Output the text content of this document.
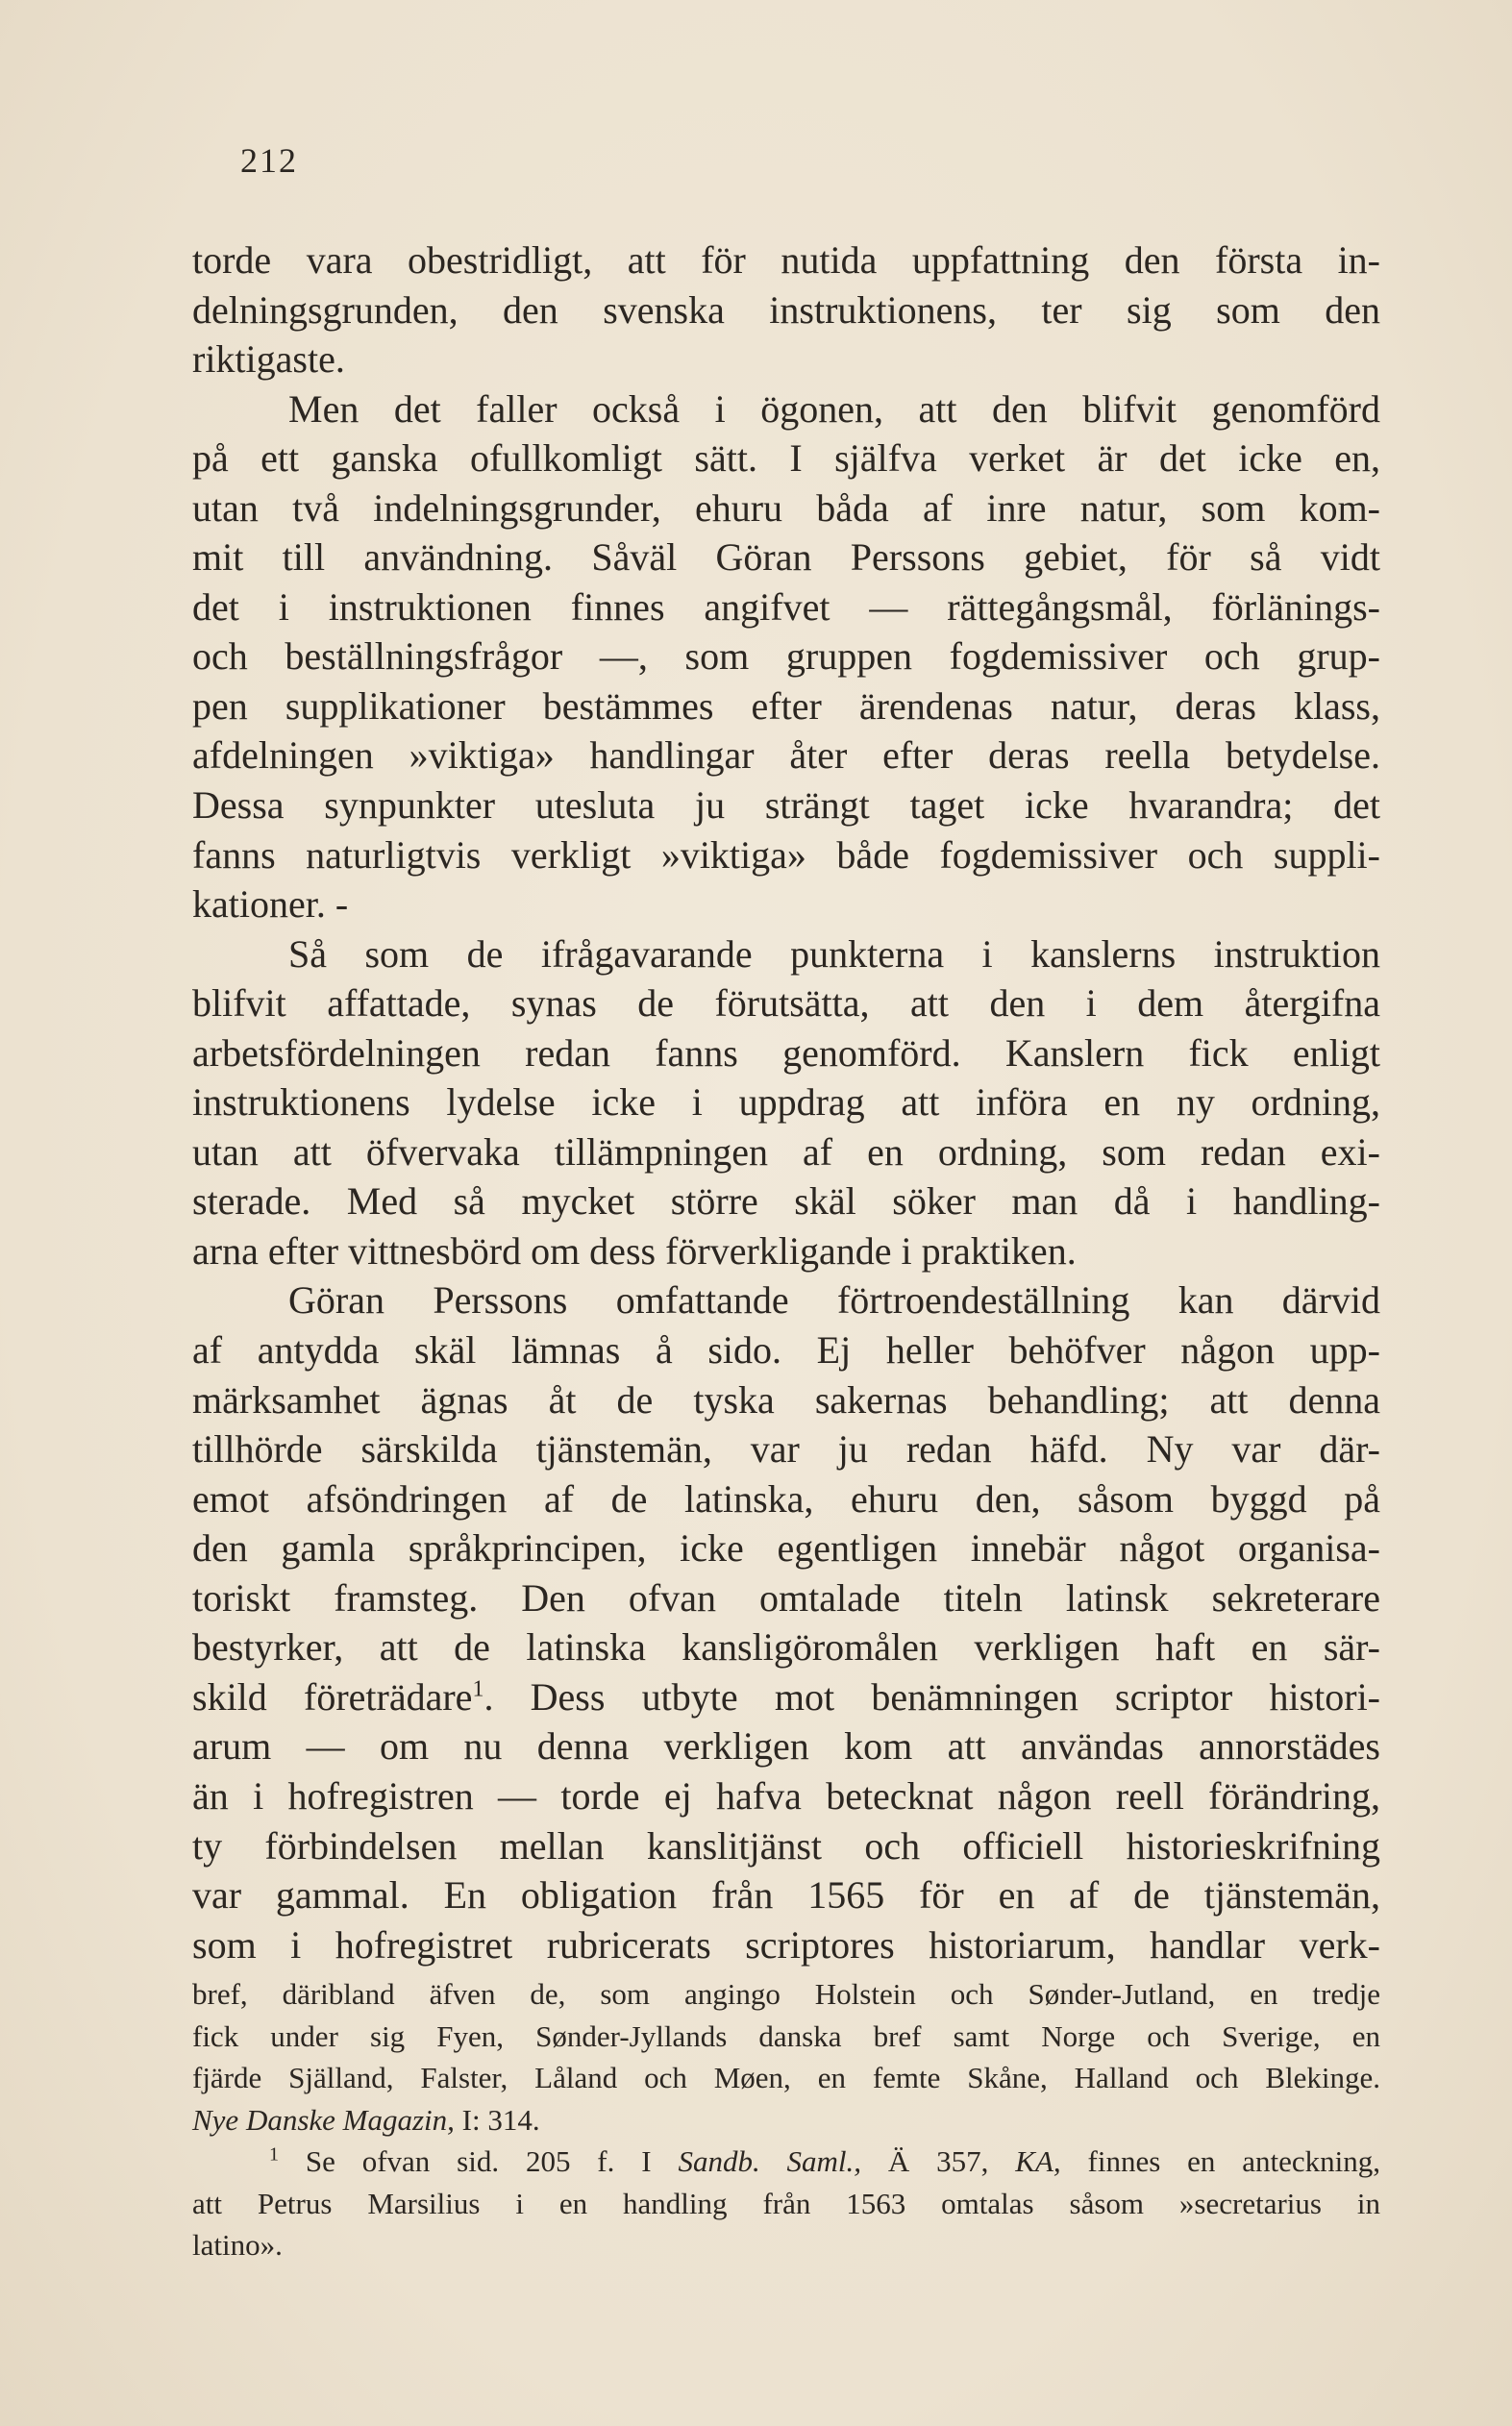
212
torde vara obestridligt, att för nutida uppfattning den första in-
delningsgrunden, den svenska instruktionens, ter sig som den
riktigaste.
Men det faller också i ögonen, att den blifvit genomförd
på ett ganska ofullkomligt sätt. I själfva verket är det icke en,
utan två indelningsgrunder, ehuru båda af inre natur, som kom-
mit till användning. Såväl Göran Perssons gebiet, för så vidt
det i instruktionen finnes angifvet — rättegångsmål, förlänings-
och beställningsfrågor —, som gruppen fogdemissiver och grup-
pen supplikationer bestämmes efter ärendenas natur, deras klass,
afdelningen »viktiga» handlingar åter efter deras reella betydelse.
Dessa synpunkter utesluta ju strängt taget icke hvarandra; det
fanns naturligtvis verkligt »viktiga» både fogdemissiver och suppli-
kationer. -
Så som de ifrågavarande punkterna i kanslerns instruktion
blifvit affattade, synas de förutsätta, att den i dem återgifna
arbetsfördelningen redan fanns genomförd. Kanslern fick enligt
instruktionens lydelse icke i uppdrag att införa en ny ordning,
utan att öfvervaka tillämpningen af en ordning, som redan exi-
sterade. Med så mycket större skäl söker man då i handling-
arna efter vittnesbörd om dess förverkligande i praktiken.
Göran Perssons omfattande förtroendeställning kan därvid
af antydda skäl lämnas å sido. Ej heller behöfver någon upp-
märksamhet ägnas åt de tyska sakernas behandling; att denna
tillhörde särskilda tjänstemän, var ju redan häfd. Ny var där-
emot afsöndringen af de latinska, ehuru den, såsom byggd på
den gamla språkprincipen, icke egentligen innebär något organisa-
toriskt framsteg. Den ofvan omtalade titeln latinsk sekreterare
bestyrker, att de latinska kansligöromålen verkligen haft en sär-
skild företrädare$^1$. Dess utbyte mot benämningen scriptor histori-
arum — om nu denna verkligen kom att användas annorstädes
än i hofregistren — torde ej hafva betecknat någon reell förändring,
ty förbindelsen mellan kanslitjänst och officiell historieskrifning
var gammal. En obligation från 1565 för en af de tjänstemän,
som i hofregistret rubricerats scriptores historiarum, handlar verk-
bref, däribland äfven de, som angingo Holstein och Sønder-Jutland, en tredje
fick under sig Fyen, Sønder-Jyllands danska bref samt Norge och Sverige, en
fjärde Själland, Falster, Låland och Møen, en femte Skåne, Halland och Blekinge.
Nye Danske Magazin, I: 314.
$^1$ Se ofvan sid. 205 f. I Sandb. Saml., Ä 357, KA, finnes en anteckning,
att Petrus Marsilius i en handling från 1563 omtalas såsom »secretarius in
latino».
